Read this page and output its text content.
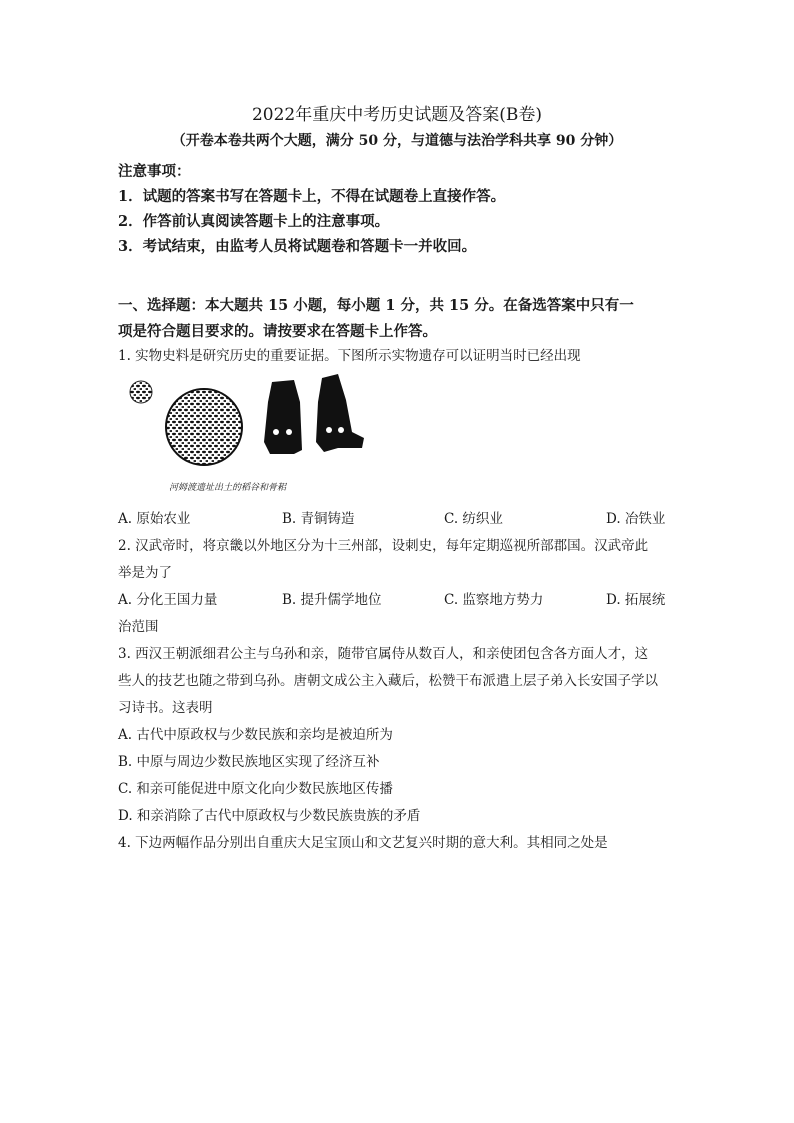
2022年重庆中考历史试题及答案(B卷)
（开卷本卷共两个大题，满分 50 分，与道德与法治学科共享 90 分钟）
注意事项：
1．试题的答案书写在答题卡上，不得在试题卷上直接作答。
2．作答前认真阅读答题卡上的注意事项。
3．考试结束，由监考人员将试题卷和答题卡一并收回。
一、选择题：本大题共 15 小题，每小题 1 分，共 15 分。在备选答案中只有一
项是符合题目要求的。请按要求在答题卡上作答。
1. 实物史料是研究历史的重要证据。下图所示实物遗存可以证明当时已经出现
河姆渡遗址出土的稻谷和骨耜
A. 原始农业	B. 青铜铸造	C. 纺织业	D. 冶铁业
2. 汉武帝时，将京畿以外地区分为十三州部，设刺史，每年定期巡视所部郡国。汉武帝此
举是为了
A. 分化王国力量	B. 提升儒学地位	C. 监察地方势力	D. 拓展统
治范围
3. 西汉王朝派细君公主与乌孙和亲，随带官属侍从数百人，和亲使团包含各方面人才，这
些人的技艺也随之带到乌孙。唐朝文成公主入藏后，松赞干布派遣上层子弟入长安国子学以
习诗书。这表明
A. 古代中原政权与少数民族和亲均是被迫所为
B. 中原与周边少数民族地区实现了经济互补
C. 和亲可能促进中原文化向少数民族地区传播
D. 和亲消除了古代中原政权与少数民族贵族的矛盾
4. 下边两幅作品分别出自重庆大足宝顶山和文艺复兴时期的意大利。其相同之处是
